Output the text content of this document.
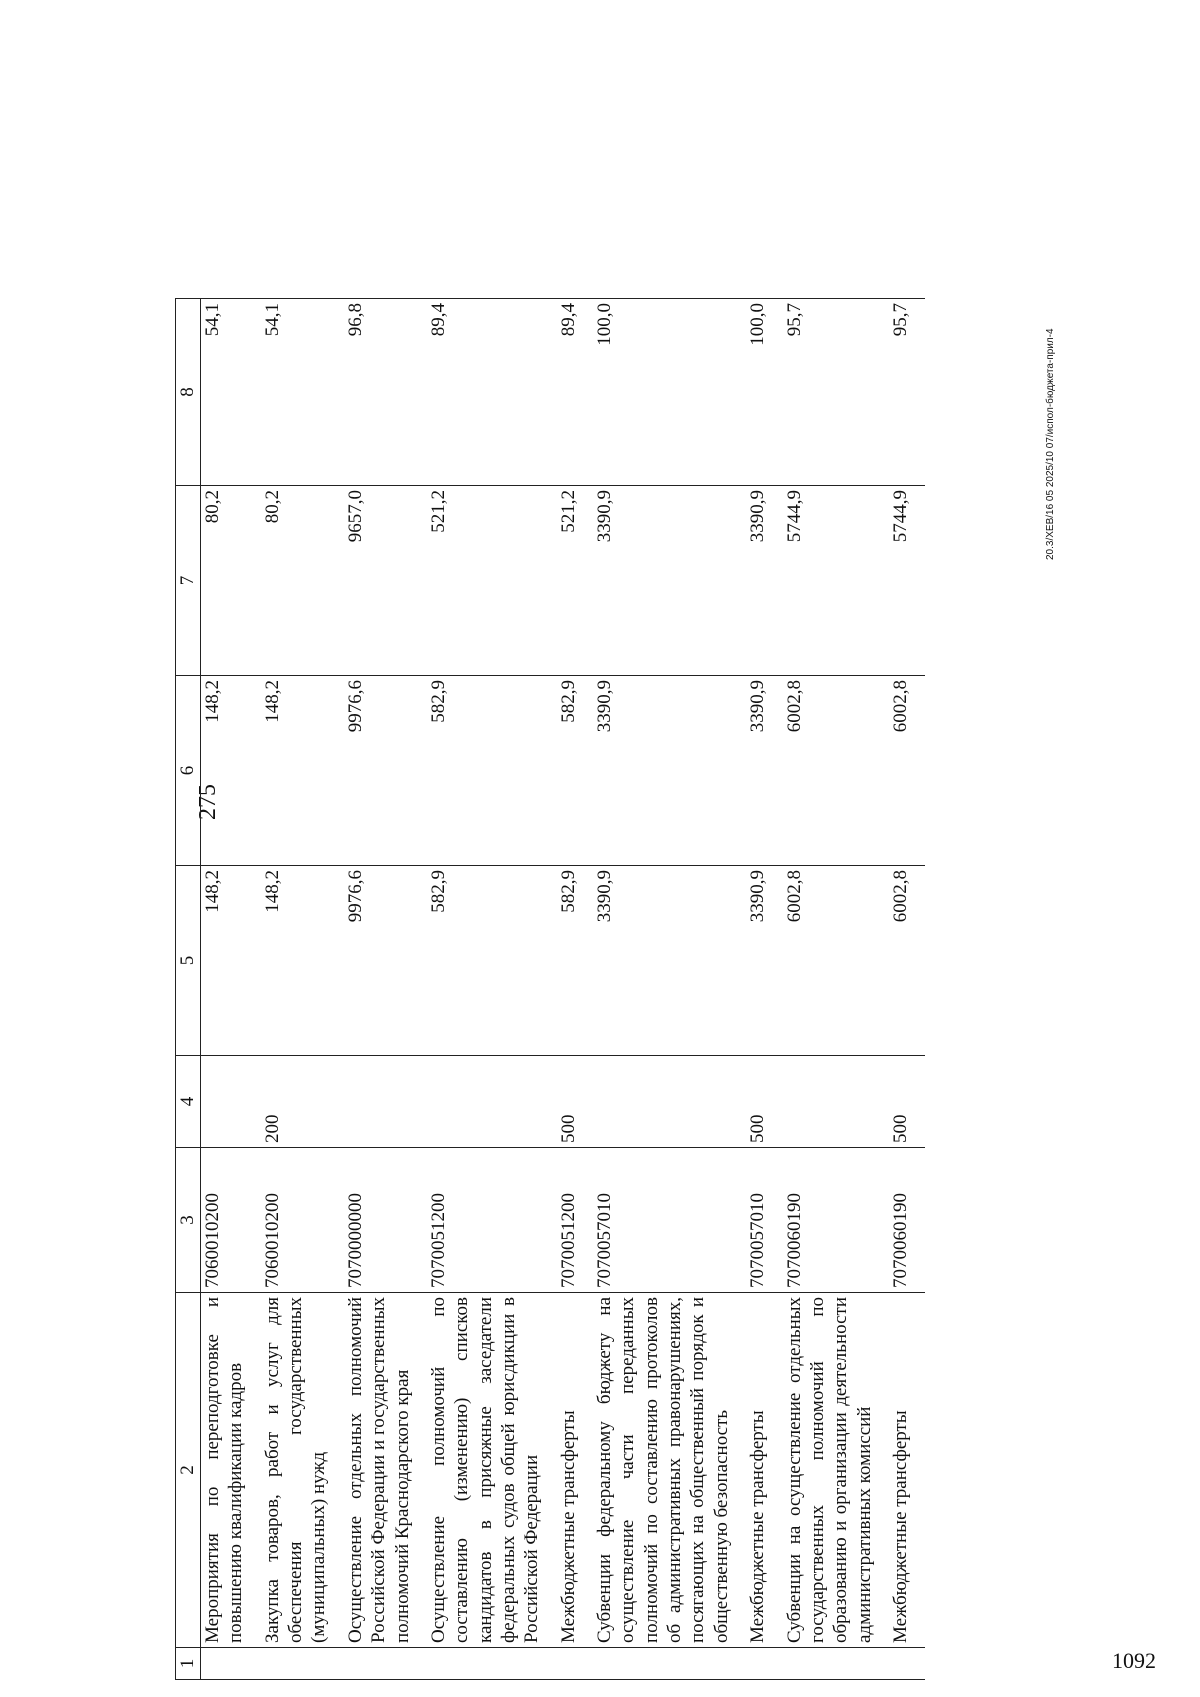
275
1	2	3	4	5	6	7	8
	Мероприятия по переподготовке и повышению квалификации кадров	7060010200		148,2	148,2	80,2	54,1
	Закупка товаров, работ и услуг для обеспечения государственных (муниципальных) нужд	7060010200	200	148,2	148,2	80,2	54,1
	Осуществление отдельных полномочий Российской Федерации и государственных полномочий Краснодарского края	7070000000		9976,6	9976,6	9657,0	96,8
	Осуществление полномочий по составлению (изменению) списков кандидатов в присяжные заседатели федеральных судов общей юрисдикции в Российской Федерации	7070051200		582,9	582,9	521,2	89,4
	Межбюджетные трансферты	7070051200	500	582,9	582,9	521,2	89,4
	Субвенции федеральному бюджету на осуществление части переданных полномочий по составлению протоколов об административных правонарушениях, посягающих на общественный порядок и общественную безопасность	7070057010		3390,9	3390,9	3390,9	100,0
	Межбюджетные трансферты	7070057010	500	3390,9	3390,9	3390,9	100,0
	Субвенции на осуществление отдельных государственных полномочий по образованию и организации деятельности административных комиссий	7070060190		6002,8	6002,8	5744,9	95,7
	Межбюджетные трансферты	7070060190	500	6002,8	6002,8	5744,9	95,7
20.3/XEB/16 05 2025/10 07/испол-бюджета-прил-4
1092
